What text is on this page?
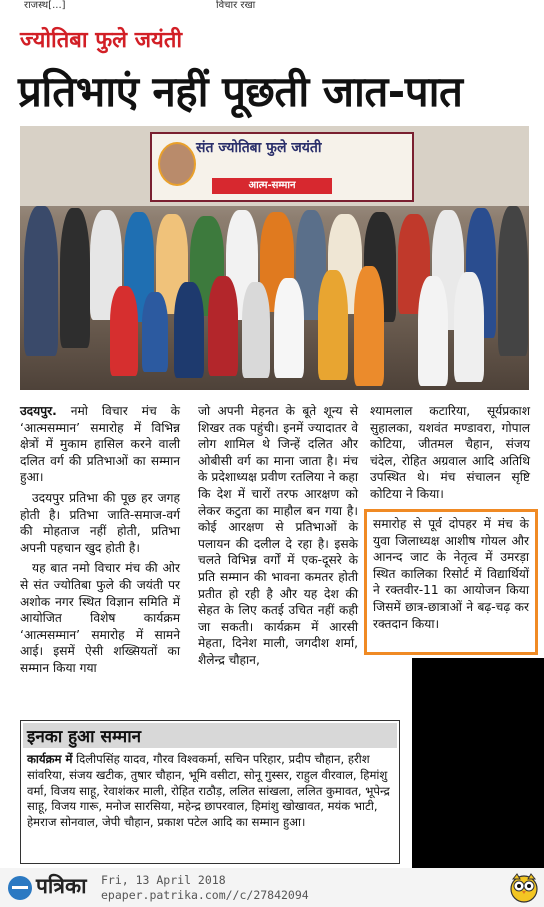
राजस्थ[...]	विचार रखा
ज्योतिबा फुले जयंती
प्रतिभाएं नहीं पूछती जात-पात
संत ज्योतिबा फुले जयंती
आत्म-सम्मान

उदयपुर. नमो विचार मंच के ‘आत्मसम्मान’ समारोह में विभिन्न क्षेत्रों में मुकाम हासिल करने वाली दलित वर्ग की प्रतिभाओं का सम्मान हुआ।

उदयपुर प्रतिभा की पूछ हर जगह होती है। प्रतिभा जाति-समाज-वर्ग की मोहताज नहीं होती, प्रतिभा अपनी पहचान खुद होती है।

यह बात नमो विचार मंच की ओर से संत ज्योतिबा फुले की जयंती पर अशोक नगर स्थित विज्ञान समिति में आयोजित विशेष कार्यक्रम ‘आत्मसम्मान’ समारोह में सामने आई। इसमें ऐसी शख्सियतों का सम्मान किया गया

जो अपनी मेहनत के बूते शून्य से शिखर तक पहुंची। इनमें ज्यादातर वे लोग शामिल थे जिन्हें दलित और ओबीसी वर्ग का माना जाता है। मंच के प्रदेशाध्यक्ष प्रवीण रतलिया ने कहा कि देश में चारों तरफ आरक्षण को लेकर कटुता का माहौल बन गया है। कोई आरक्षण से प्रतिभाओं के पलायन की दलील दे रहा है। इसके चलते विभिन्न वर्गों में एक-दूसरे के प्रति सम्मान की भावना कमतर होती प्रतीत हो रही है और यह देश की सेहत के लिए कतई उचित नहीं कही जा सकती। कार्यक्रम में आरसी मेहता, दिनेश माली, जगदीश शर्मा, शैलेन्द्र चौहान,

श्यामलाल कटारिया, सूर्यप्रकाश सुहालका, यशवंत मण्डावरा, गोपाल कोटिया, जीतमल चैहान, संजय चंदेल, रोहित अग्रवाल आदि अतिथि उपस्थित थे। मंच संचालन सृष्टि कोटिया ने किया।

समारोह से पूर्व दोपहर में मंच के युवा जिलाध्यक्ष आशीष गोयल और आनन्द जाट के नेतृत्व में उमरड़ा स्थित कालिका रिसोर्ट में विद्यार्थियों ने रक्तवीर-11 का आयोजन किया जिसमें छात्र-छात्राओं ने बढ़-चढ़ कर रक्तदान किया।
इनका हुआ सम्मान
कार्यक्रम में दिलीपसिंह यादव, गौरव विश्वकर्मा, सचिन परिहार, प्रदीप चौहान, हरीश सांवरिया, संजय खटीक, तुषार चौहान, भूमि वसीटा, सोनू गुस्सर, राहुल वीरवाल, हिमांशु वर्मा, विजय साहू, रेवाशंकर माली, रोहित राठौड़, ललित सांखला, ललित कुमावत, भूपेन्द्र साहू, विजय गारू, मनोज सारसिया, महेन्द्र छापरवाल, हिमांशु खोखावत, मयंक भाटी, हेमराज सोनवाल, जेपी चौहान, प्रकाश पटेल आदि का सम्मान हुआ।
पत्रिका Fri, 13 April 2018
epaper.patrika.com//c/27842094
